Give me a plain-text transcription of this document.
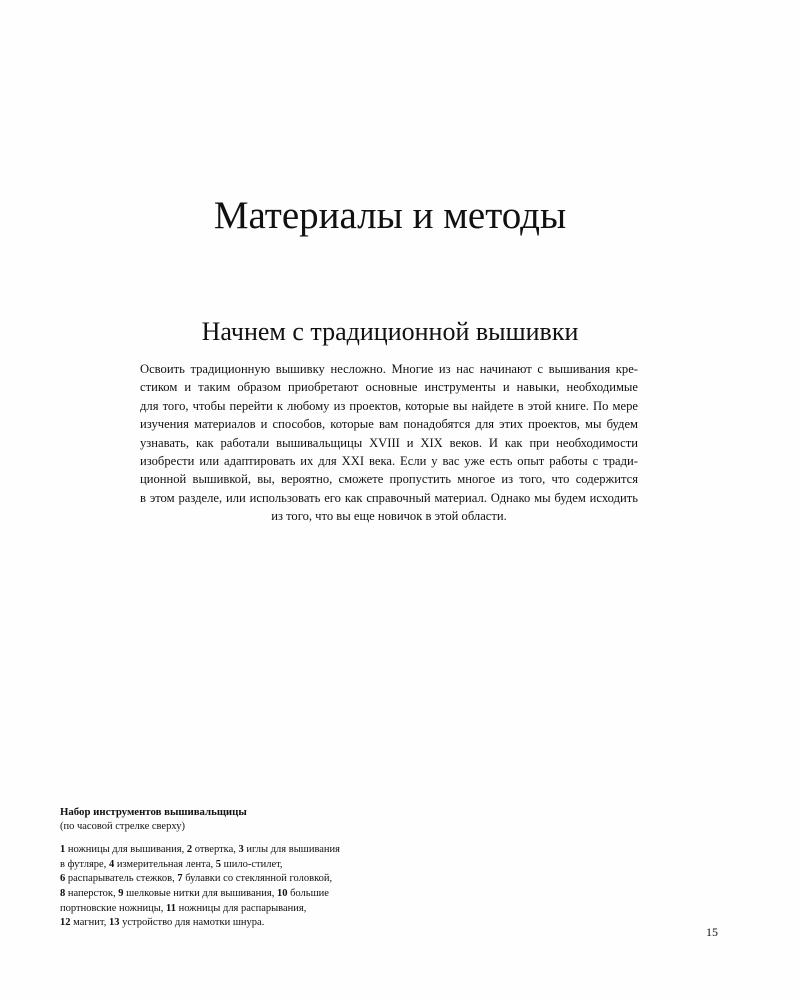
Материалы и методы
Начнем с традиционной вышивки
Освоить традиционную вышивку несложно. Многие из нас начинают с вышивания кре-
стиком и таким образом приобретают основные инструменты и навыки, необходимые
для того, чтобы перейти к любому из проектов, которые вы найдете в этой книге. По мере
изучения материалов и способов, которые вам понадобятся для этих проектов, мы будем
узнавать, как работали вышивальщицы XVIII и XIX веков. И как при необходимости
изобрести или адаптировать их для XXI века. Если у вас уже есть опыт работы с тради-
ционной вышивкой, вы, вероятно, сможете пропустить многое из того, что содержится
в этом разделе, или использовать его как справочный материал. Однако мы будем исходить
из того, что вы еще новичок в этой области.
Набор инструментов вышивальщицы
(по часовой стрелке сверху)
1 ножницы для вышивания, 2 отвертка, 3 иглы для вышивания
в футляре, 4 измерительная лента, 5 шило-стилет,
6 распарыватель стежков, 7 булавки со стеклянной головкой,
8 наперсток, 9 шелковые нитки для вышивания, 10 большие
портновские ножницы, 11 ножницы для распарывания,
12 магнит, 13 устройство для намотки шнура.
15
